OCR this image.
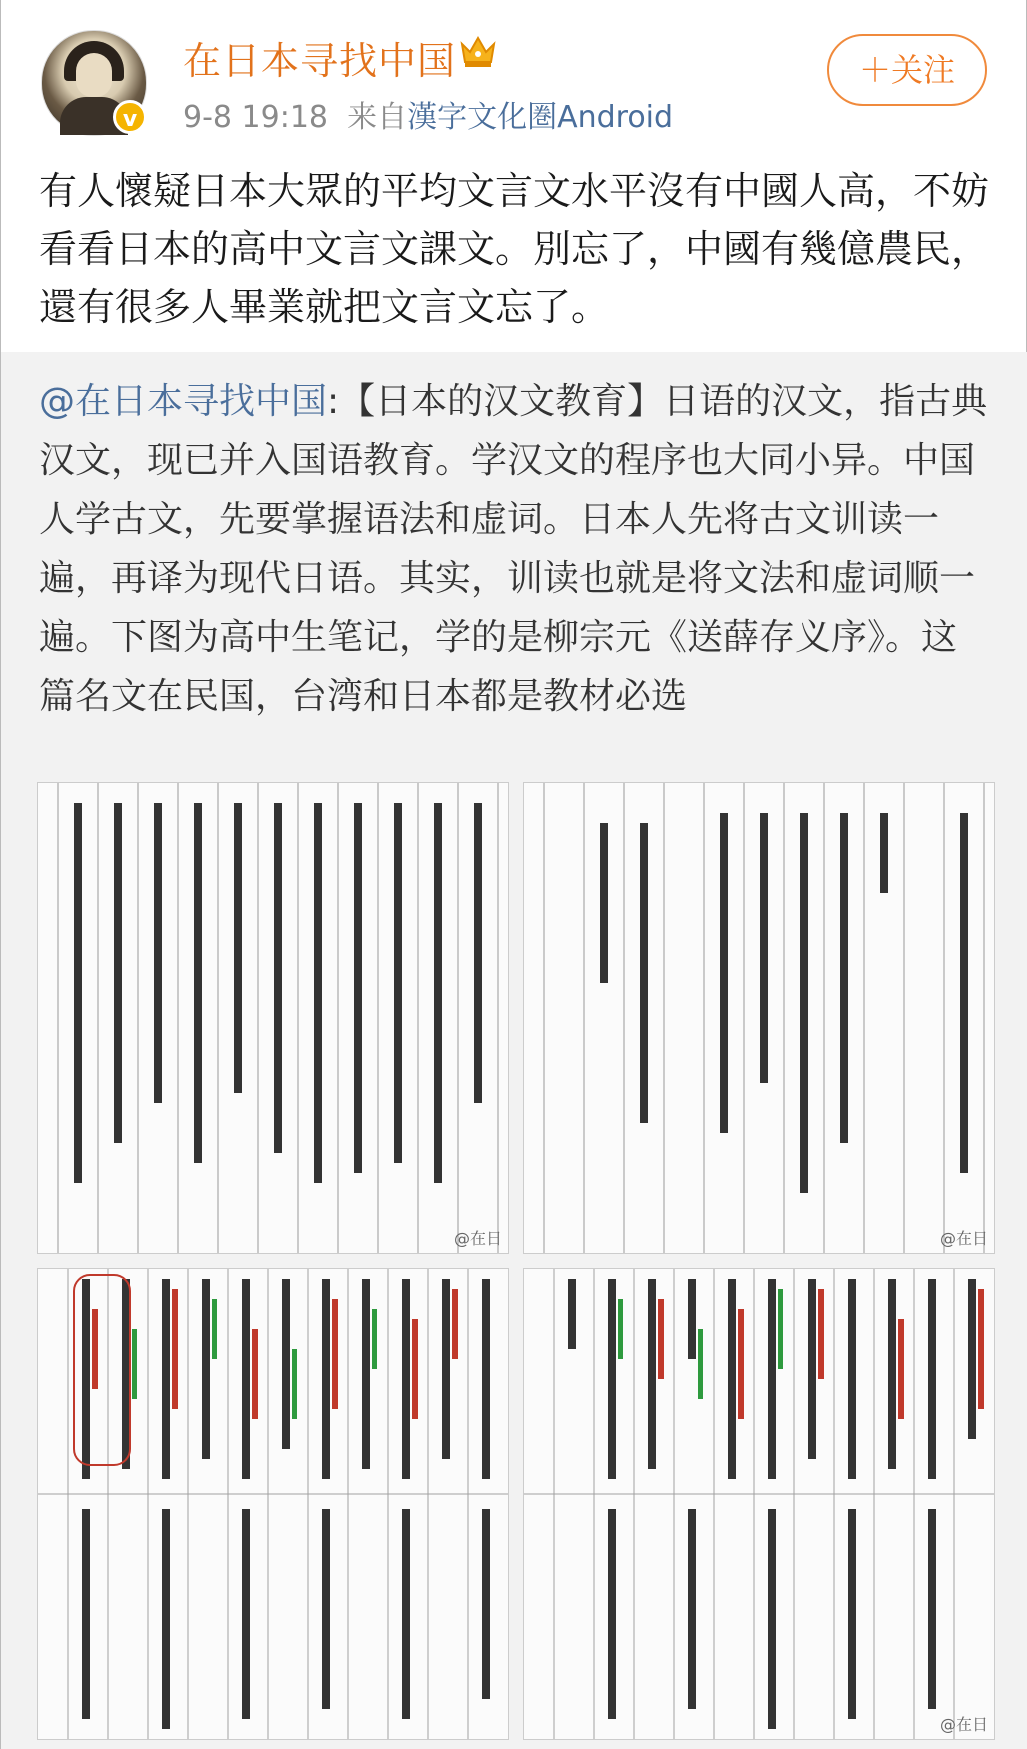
v
在日本寻找中国
9-8 19:18 来自漢字文化圏Android
＋关注
有人懷疑日本大眾的平均文言文水平沒有中國人高，不妨看看日本的高中文言文課文。別忘了，中國有幾億農民，還有很多人畢業就把文言文忘了。
@在日本寻找中国:【日本的汉文教育】日语的汉文，指古典汉文，现已并入国语教育。学汉文的程序也大同小异。中国人学古文，先要掌握语法和虚词。日本人先将古文训读一遍，再译为现代日语。其实，训读也就是将文法和虚词顺一遍。下图为高中生笔记，学的是柳宗元《送薛存义序》。这篇名文在民国，台湾和日本都是教材必选
@在日	@在日
@在日
